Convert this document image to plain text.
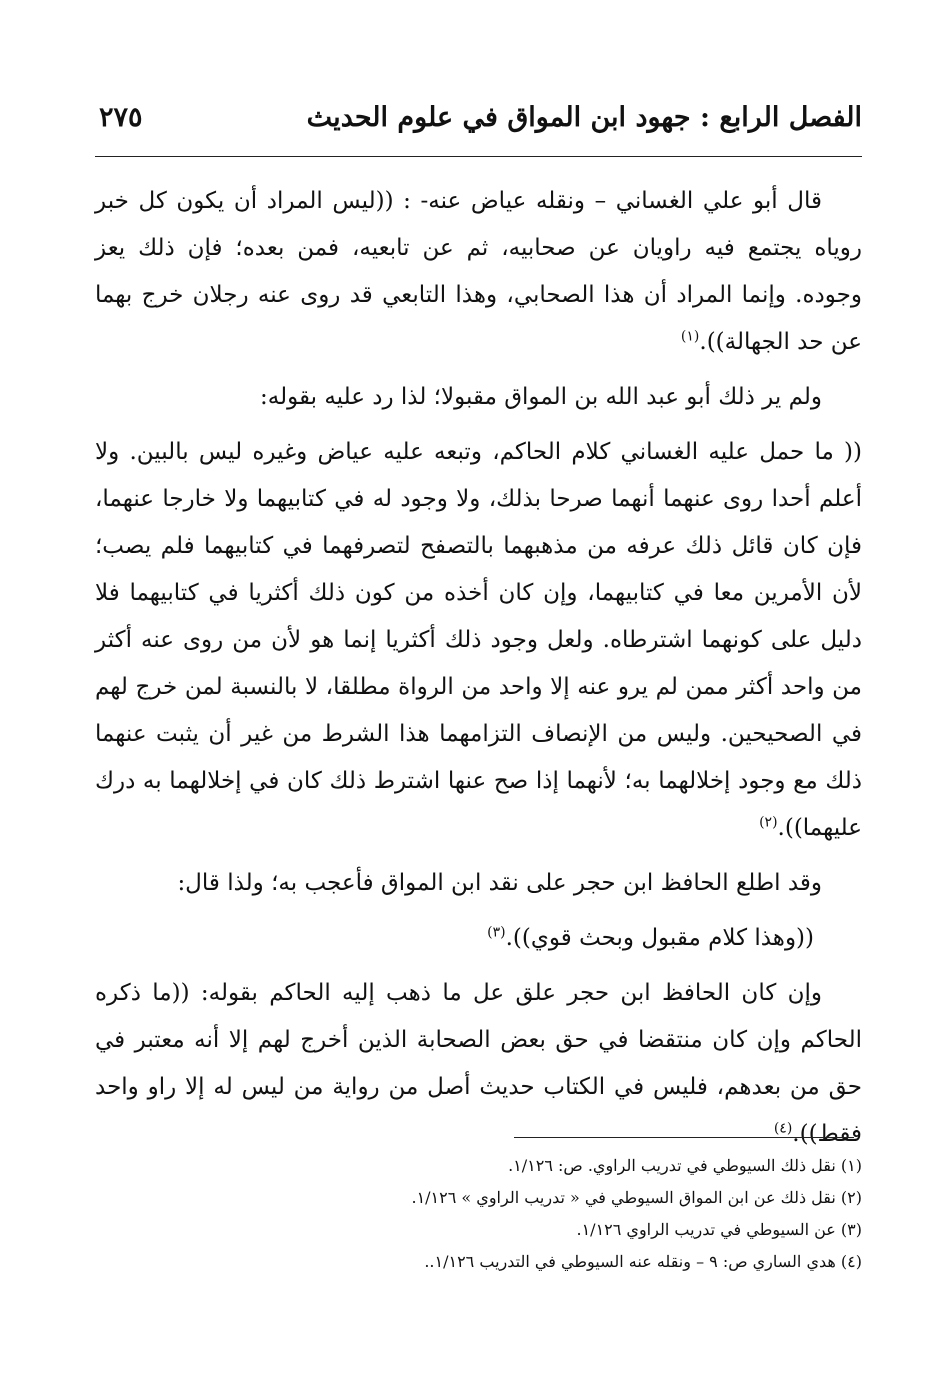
الفصل الرابع : جهود ابن المواق في علوم الحديث
٢٧٥

قال أبو علي الغساني – ونقله عياض عنه- : ((ليس المراد أن يكون كل خبر روياه يجتمع فيه راويان عن صحابيه، ثم عن تابعيه، فمن بعده؛ فإن ذلك يعز وجوده. وإنما المراد أن هذا الصحابي، وهذا التابعي قد روى عنه رجلان خرج بهما عن حد الجهالة)).$^{(١)}$

ولم ير ذلك أبو عبد الله بن المواق مقبولا؛ لذا رد عليه بقوله:

(( ما حمل عليه الغساني كلام الحاكم، وتبعه عليه عياض وغيره ليس بالبين. ولا أعلم أحدا روى عنهما أنهما صرحا بذلك، ولا وجود له في كتابيهما ولا خارجا عنهما، فإن كان قائل ذلك عرفه من مذهبهما بالتصفح لتصرفهما في كتابيهما فلم يصب؛ لأن الأمرين معا في كتابيهما، وإن كان أخذه من كون ذلك أكثريا في كتابيهما فلا دليل على كونهما اشترطاه. ولعل وجود ذلك أكثريا إنما هو لأن من روى عنه أكثر من واحد أكثر ممن لم يرو عنه إلا واحد من الرواة مطلقا، لا بالنسبة لمن خرج لهم في الصحيحين. وليس من الإنصاف التزامهما هذا الشرط من غير أن يثبت عنهما ذلك مع وجود إخلالهما به؛ لأنهما إذا صح عنها اشترط ذلك كان في إخلالهما به درك عليهما)).$^{(٢)}$

وقد اطلع الحافظ ابن حجر على نقد ابن المواق فأعجب به؛ ولذا قال:

((وهذا كلام مقبول وبحث قوي)).$^{(٣)}$

وإن كان الحافظ ابن حجر علق عل ما ذهب إليه الحاكم بقوله: ((ما ذكره الحاكم وإن كان منتقضا في حق بعض الصحابة الذين أخرج لهم إلا أنه معتبر في حق من بعدهم، فليس في الكتاب حديث أصل من رواية من ليس له إلا راو واحد فقط)).$^{(٤)}$

(١) نقل ذلك السيوطي في تدريب الراوي. ص: ١/١٢٦.

(٢) نقل ذلك عن ابن المواق السيوطي في « تدريب الراوي » ١/١٢٦.

(٣) عن السيوطي في تدريب الراوي ١/١٢٦.

(٤) هدي الساري ص: ٩ – ونقله عنه السيوطي في التدريب ١/١٢٦..
